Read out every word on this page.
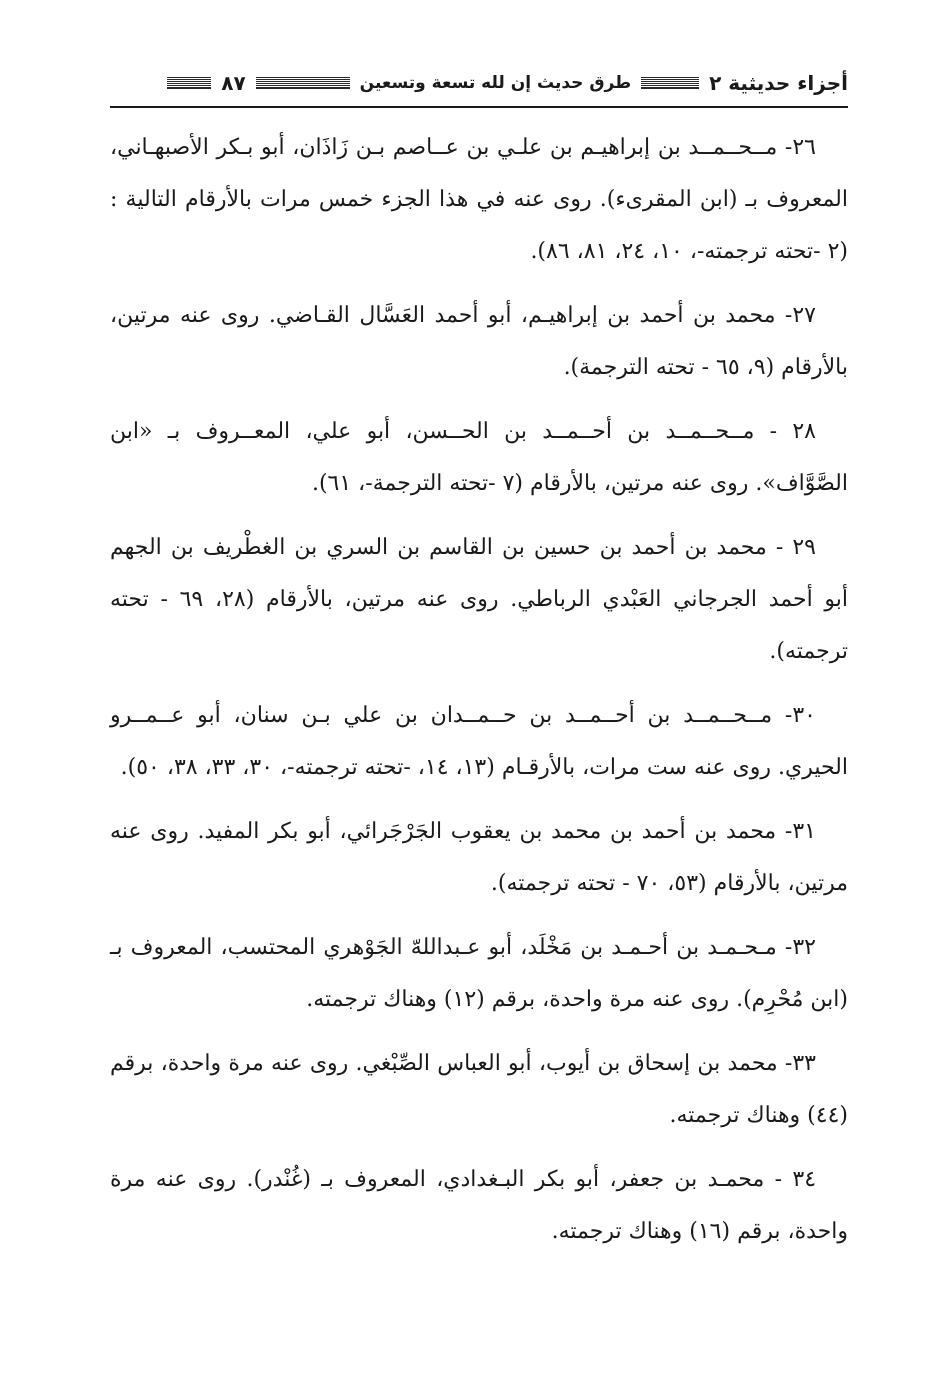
أجزاء حديثية ٢
طرق حديث إن لله تسعة وتسعين
٨٧

٢٦- مــحــمــد بن إبراهيـم بن علـي بن عــاصم بـن زَاذَان، أبو بـكر الأصبهـاني، المعروف بـ (ابن المقرىء). روى عنه في هذا الجزء خمس مرات بالأرقام التالية : (٢ -تحته ترجمته-، ١٠، ٢٤، ٨١، ٨٦).

٢٧- محمد بن أحمد بن إبراهيـم، أبو أحمد العَسَّال القـاضي. روى عنه مرتين، بالأرقام (٩، ٦٥ - تحته الترجمة).

٢٨ - مــحــمــد بن أحــمــد بن الحــسن، أبو علي، المعــروف بـ «ابن الصَّوَّاف». روى عنه مرتين، بالأرقام (٧ -تحته الترجمة-، ٦١).

٢٩ - محمد بن أحمد بن حسين بن القاسم بن السري بن الغطْريف بن الجهم أبو أحمد الجرجاني العَبْدي الرباطي. روى عنه مرتين، بالأرقام (٢٨، ٦٩ - تحته ترجمته).

٣٠- مــحــمــد بن أحــمــد بن حــمــدان بن علي بـن سنان، أبو عــمــرو الحيري. روى عنه ست مرات، بالأرقـام (١٣، ١٤، -تحته ترجمته-، ٣٠، ٣٣، ٣٨، ٥٠).

٣١- محمد بن أحمد بن محمد بن يعقوب الجَرْجَرائي، أبو بكر المفيد. روى عنه مرتين، بالأرقام (٥٣، ٧٠ - تحته ترجمته).

٣٢- مـحـمـد بن أحـمـد بن مَخْلَد، أبو عـبداللهّ الجَوْهري المحتسب، المعروف بـ (ابن مُحْرِم). روى عنه مرة واحدة، برقم (١٢) وهناك ترجمته.

٣٣- محمد بن إسحاق بن أيوب، أبو العباس الصِّبْغي. روى عنه مرة واحدة، برقم (٤٤) وهناك ترجمته.

٣٤ - محمـد بن جعفر، أبو بكر البـغدادي، المعروف بـ (غُنْدر). روى عنه مرة واحدة، برقم (١٦) وهناك ترجمته.
